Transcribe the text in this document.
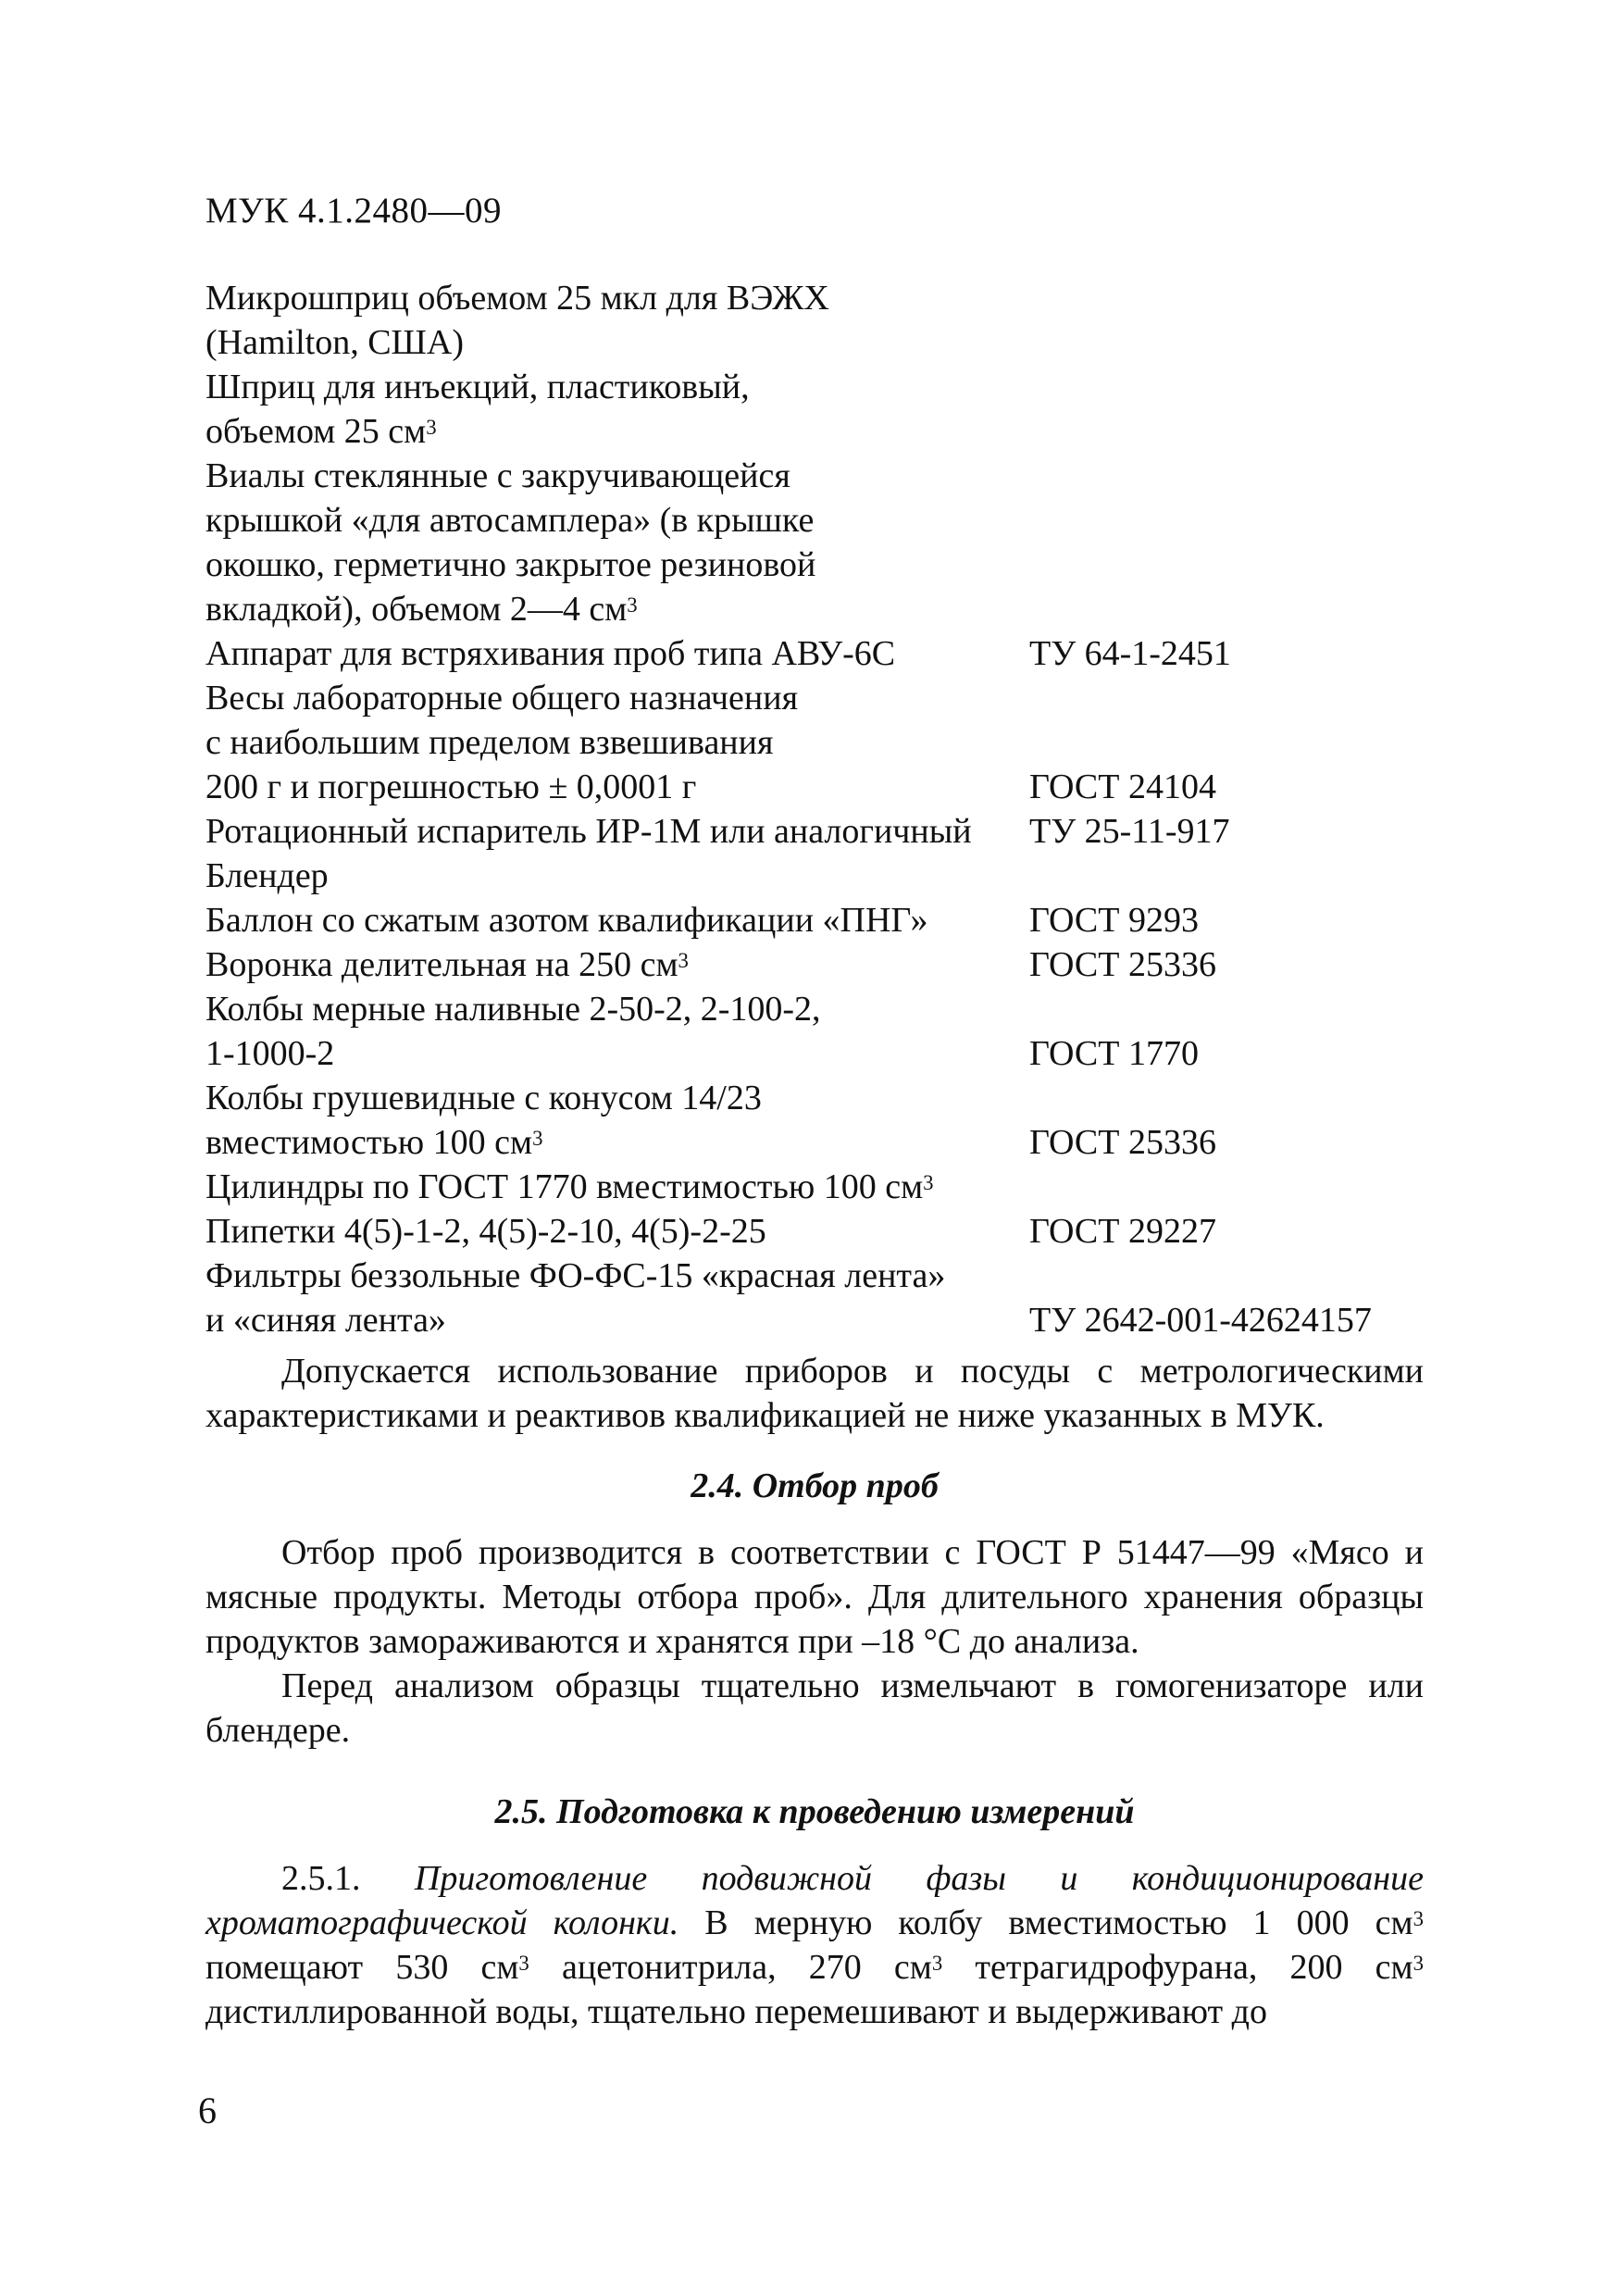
МУК 4.1.2480—09
Микрошприц объемом 25 мкл для ВЭЖХ
(Hamilton, США)
Шприц для инъекций, пластиковый,
объемом 25 $см^3$
Виалы стеклянные с закручивающейся
крышкой «для автосамплера» (в крышке
окошко, герметично закрытое резиновой
вкладкой), объемом 2—4 $см^3$
Аппарат для встряхивания проб типа АВУ-6С	ТУ 64-1-2451
Весы лабораторные общего назначения
с наибольшим пределом взвешивания
200 г и погрешностью ± 0,0001 г	ГОСТ 24104
Ротационный испаритель ИР-1М или аналогичный	ТУ 25-11-917
Блендер
Баллон со сжатым азотом квалификации «ПНГ»	ГОСТ 9293
Воронка делительная на 250 $см^3$	ГОСТ 25336
Колбы мерные наливные 2-50-2, 2-100-2,
1-1000-2	ГОСТ 1770
Колбы грушевидные с конусом 14/23
вместимостью 100 $см^3$	ГОСТ 25336
Цилиндры по ГОСТ 1770 вместимостью 100 $см^3$
Пипетки 4(5)-1-2, 4(5)-2-10, 4(5)-2-25	ГОСТ 29227
Фильтры беззольные ФО-ФС-15 «красная лента»
и «синяя лента»	ТУ 2642-001-42624157

Допускается использование приборов и посуды с метрологическими характеристиками и реактивов квалификацией не ниже указанных в МУК.

2.4. Отбор проб

Отбор проб производится в соответствии с ГОСТ Р 51447—99 «Мясо и мясные продукты. Методы отбора проб». Для длительного хранения образцы продуктов замораживаются и хранятся при –18 °С до анализа.

Перед анализом образцы тщательно измельчают в гомогенизаторе или блендере.

2.5. Подготовка к проведению измерений

2.5.1. Приготовление подвижной фазы и кондиционирование хроматографической колонки. В мерную колбу вместимостью 1 000 $см^3$ помещают 530 $см^3$ ацетонитрила, 270 $см^3$ тетрагидрофурана, 200 $см^3$ дистиллированной воды, тщательно перемешивают и выдерживают до

6
